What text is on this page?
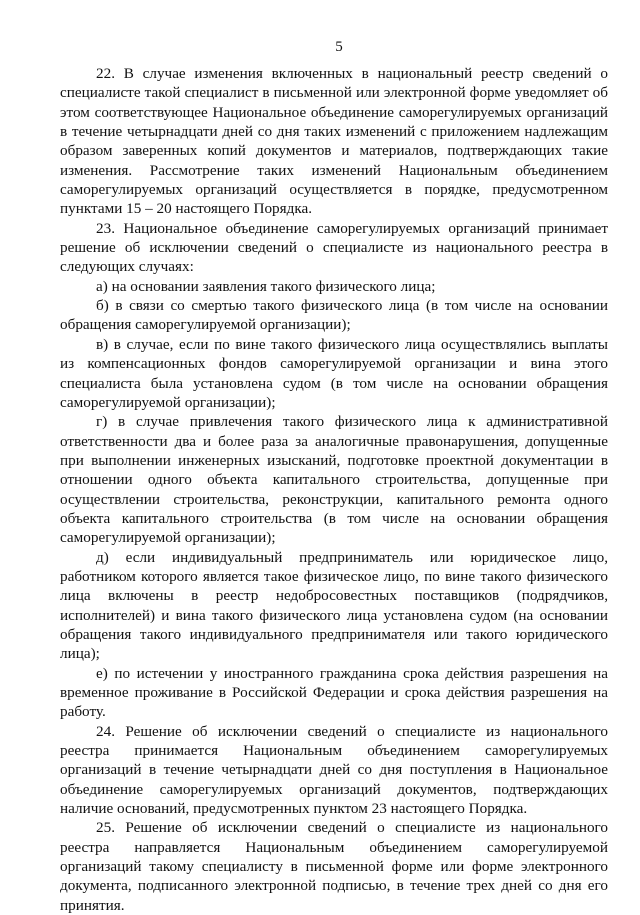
5

22. В случае изменения включенных в национальный реестр сведений о специалисте такой специалист в письменной или электронной форме уведомляет об этом соответствующее Национальное объединение саморегулируемых организаций в течение четырнадцати дней со дня таких изменений с приложением надлежащим образом заверенных копий документов и материалов, подтверждающих такие изменения. Рассмотрение таких изменений Национальным объединением саморегулируемых организаций осуществляется в порядке, предусмотренном пунктами 15 – 20 настоящего Порядка.

23. Национальное объединение саморегулируемых организаций принимает решение об исключении сведений о специалисте из национального реестра в следующих случаях:

а) на основании заявления такого физического лица;

б) в связи со смертью такого физического лица (в том числе на основании обращения саморегулируемой организации);

в) в случае, если по вине такого физического лица осуществлялись выплаты из компенсационных фондов саморегулируемой организации и вина этого специалиста была установлена судом (в том числе на основании обращения саморегулируемой организации);

г) в случае привлечения такого физического лица к административной ответственности два и более раза за аналогичные правонарушения, допущенные при выполнении инженерных изысканий, подготовке проектной документации в отношении одного объекта капитального строительства, допущенные при осуществлении строительства, реконструкции, капитального ремонта одного объекта капитального строительства (в том числе на основании обращения саморегулируемой организации);

д) если индивидуальный предприниматель или юридическое лицо, работником которого является такое физическое лицо, по вине такого физического лица включены в реестр недобросовестных поставщиков (подрядчиков, исполнителей) и вина такого физического лица установлена судом (на основании обращения такого индивидуального предпринимателя или такого юридического лица);

е) по истечении у иностранного гражданина срока действия разрешения на временное проживание в Российской Федерации и срока действия разрешения на работу.

24. Решение об исключении сведений о специалисте из национального реестра принимается Национальным объединением саморегулируемых организаций в течение четырнадцати дней со дня поступления в Национальное объединение саморегулируемых организаций документов, подтверждающих наличие оснований, предусмотренных пунктом 23 настоящего Порядка.

25. Решение об исключении сведений о специалисте из национального реестра направляется Национальным объединением саморегулируемой организаций такому специалисту в письменной форме или форме электронного документа, подписанного электронной подписью, в течение трех дней со дня его принятия.
